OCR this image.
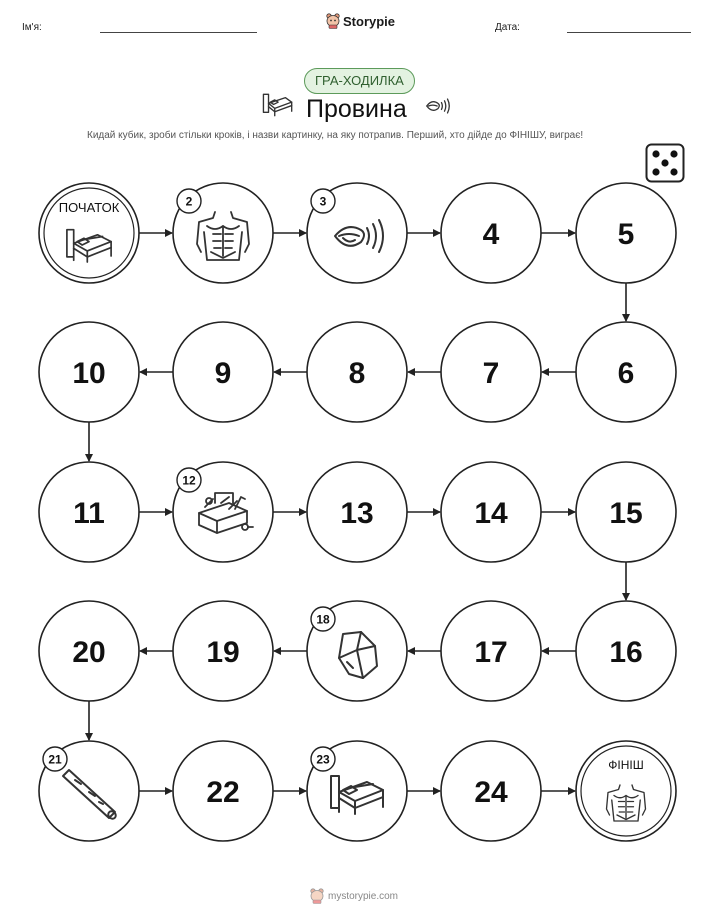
Ім'я:	Storypie	Дата:
ГРА-ХОДИЛКА
Провина
Кидай кубик, зроби стільки кроків, і назви картинку, на яку потрапив. Перший, хто дійде до ФІНІШУ, виграє!
ПОЧАТОК	2	3
4	5
6
7
8
9
10
11
12
13	14	15
16
17
18
19
20
21
22
23
24
ФІНІШ
mystorypie.com
